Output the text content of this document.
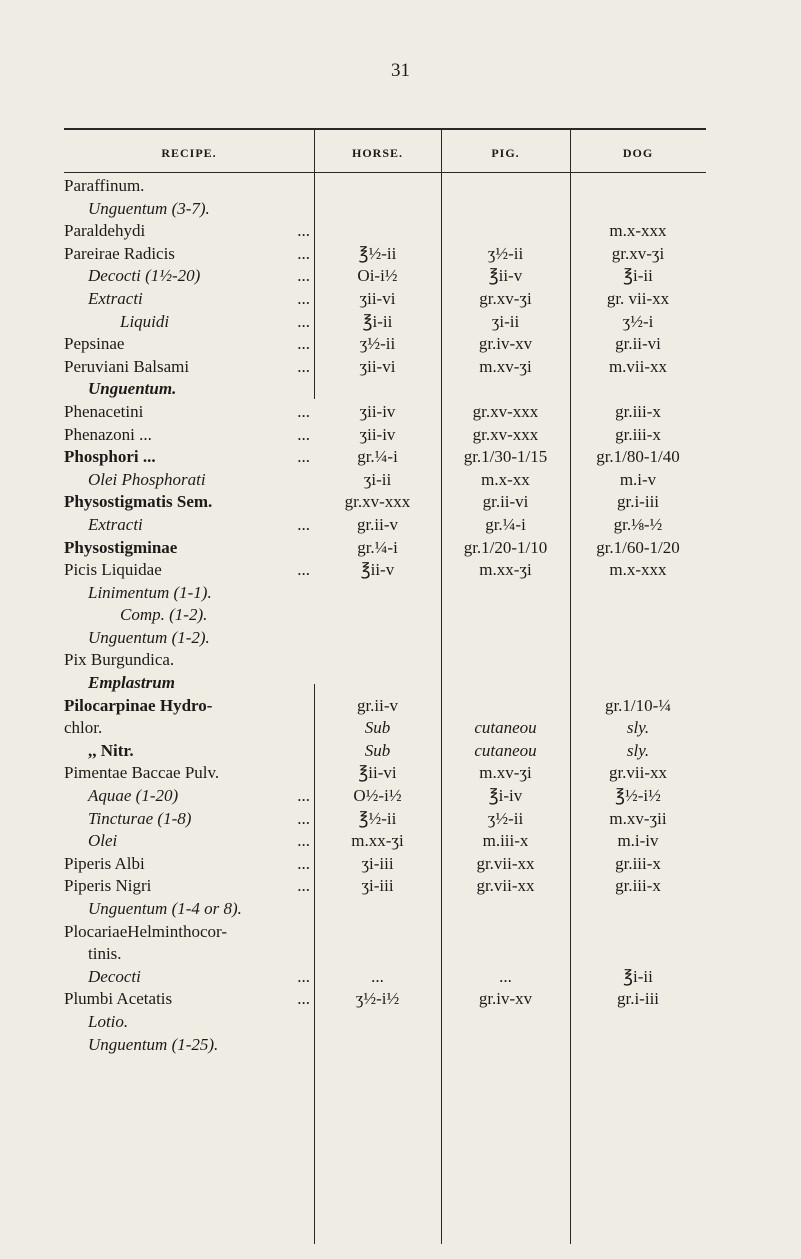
31
RECIPE.	HORSE.	PIG.	DOG
Paraffinum.			
Unguentum (3-7).			
Paraldehydi ...			m.x-xxx
Pareirae Radicis ...	℥½-ii	ʒ½-ii	gr.xv-ʒi
Decocti (1½-20) ...	Oi-i½	℥ii-v	℥i-ii
Extracti ...	ʒii-vi	gr.xv-ʒi	gr. vii-xx
Liquidi ...	℥i-ii	ʒi-ii	ʒ½-i
Pepsinae ...	ʒ½-ii	gr.iv-xv	gr.ii-vi
Peruviani Balsami ...	ʒii-vi	m.xv-ʒi	m.vii-xx
Unguentum.			
Phenacetini ...	ʒii-iv	gr.xv-xxx	gr.iii-x
Phenazoni ... ...	ʒii-iv	gr.xv-xxx	gr.iii-x
Phosphori ... ...	gr.¼-i	gr.1/30-1/15	gr.1/80-1/40
Olei Phosphorati	ʒi-ii	m.x-xx	m.i-v
Physostigmatis Sem.	gr.xv-xxx	gr.ii-vi	gr.i-iii
Extracti ...	gr.ii-v	gr.¼-i	gr.⅛-½
Physostigminae	gr.¼-i	gr.1/20-1/10	gr.1/60-1/20
Picis Liquidae ...	℥ii-v	m.xx-ʒi	m.x-xxx
Linimentum (1-1).			
Comp. (1-2).			
Unguentum (1-2).			
Pix Burgundica.			
Emplastrum			
Pilocarpinae Hydro-	gr.ii-v		gr.1/10-¼
chlor.	Sub	cutaneou	sly.
,, Nitr.	Sub	cutaneou	sly.
Pimentae Baccae Pulv.	℥ii-vi	m.xv-ʒi	gr.vii-xx
Aquae (1-20) ...	O½-i½	℥i-iv	℥½-i½
Tincturae (1-8) ...	℥½-ii	ʒ½-ii	m.xv-ʒii
Olei ...	m.xx-ʒi	m.iii-x	m.i-iv
Piperis Albi ...	ʒi-iii	gr.vii-xx	gr.iii-x
Piperis Nigri ...	ʒi-iii	gr.vii-xx	gr.iii-x
Unguentum (1-4 or 8).			
PlocariaeHelminthocor-			
tinis.			
Decocti ...	...	...	℥i-ii
Plumbi Acetatis ...	ʒ½-i½	gr.iv-xv	gr.i-iii
Lotio.			
Unguentum (1-25).			
